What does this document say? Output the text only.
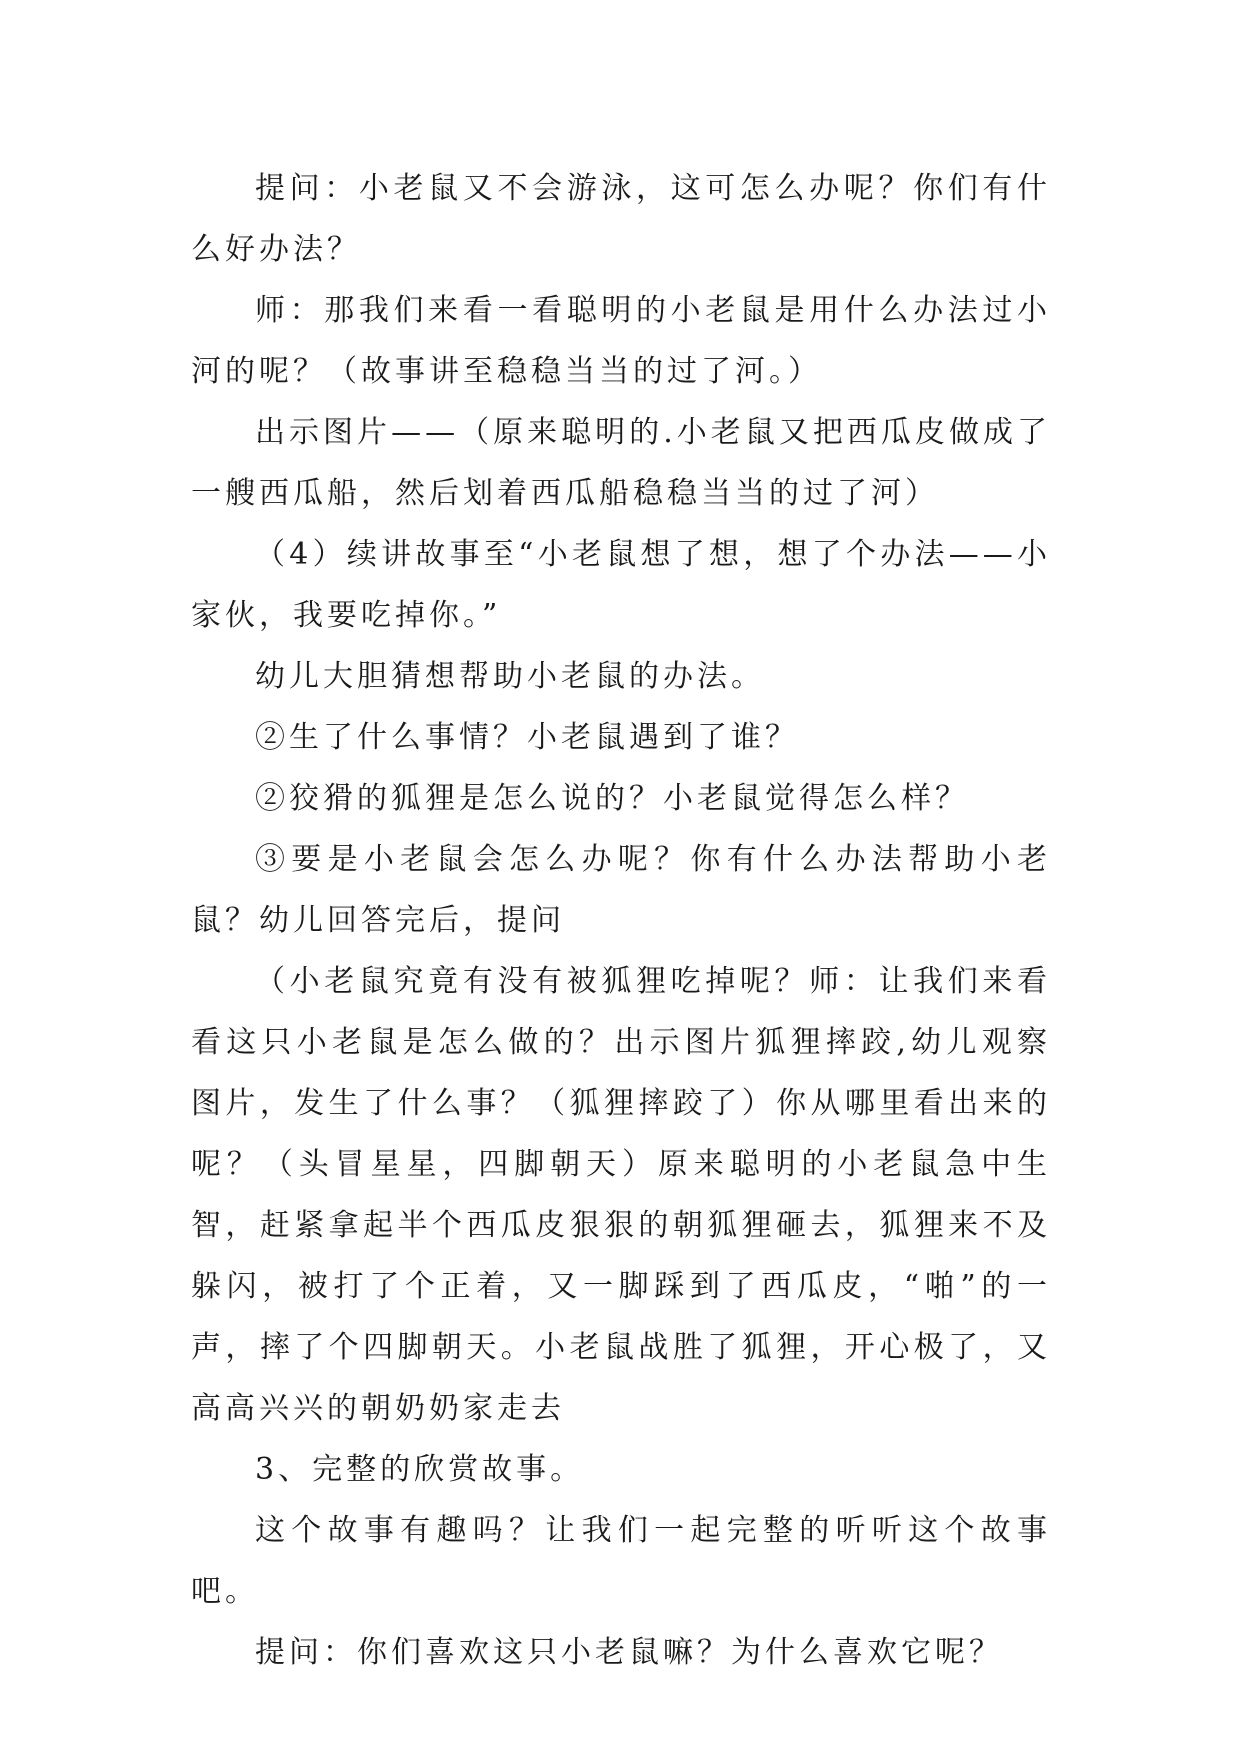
提问：小老鼠又不会游泳，这可怎么办呢？你们有什么好办法？

师：那我们来看一看聪明的小老鼠是用什么办法过小河的呢？（故事讲至稳稳当当的过了河。）

出示图片——（原来聪明的.小老鼠又把西瓜皮做成了一艘西瓜船，然后划着西瓜船稳稳当当的过了河）

（4）续讲故事至“小老鼠想了想，想了个办法——小家伙，我要吃掉你。”

幼儿大胆猜想帮助小老鼠的办法。

②生了什么事情？小老鼠遇到了谁？

②狡猾的狐狸是怎么说的？小老鼠觉得怎么样？

③要是小老鼠会怎么办呢？你有什么办法帮助小老鼠？幼儿回答完后，提问

（小老鼠究竟有没有被狐狸吃掉呢？师：让我们来看看这只小老鼠是怎么做的？出示图片狐狸摔跤,幼儿观察图片，发生了什么事？（狐狸摔跤了）你从哪里看出来的呢？（头冒星星，四脚朝天）原来聪明的小老鼠急中生智，赶紧拿起半个西瓜皮狠狠的朝狐狸砸去，狐狸来不及躲闪，被打了个正着，又一脚踩到了西瓜皮，“啪”的一声，摔了个四脚朝天。小老鼠战胜了狐狸，开心极了，又高高兴兴的朝奶奶家走去

3、完整的欣赏故事。

这个故事有趣吗？让我们一起完整的听听这个故事吧。

提问：你们喜欢这只小老鼠嘛？为什么喜欢它呢？
